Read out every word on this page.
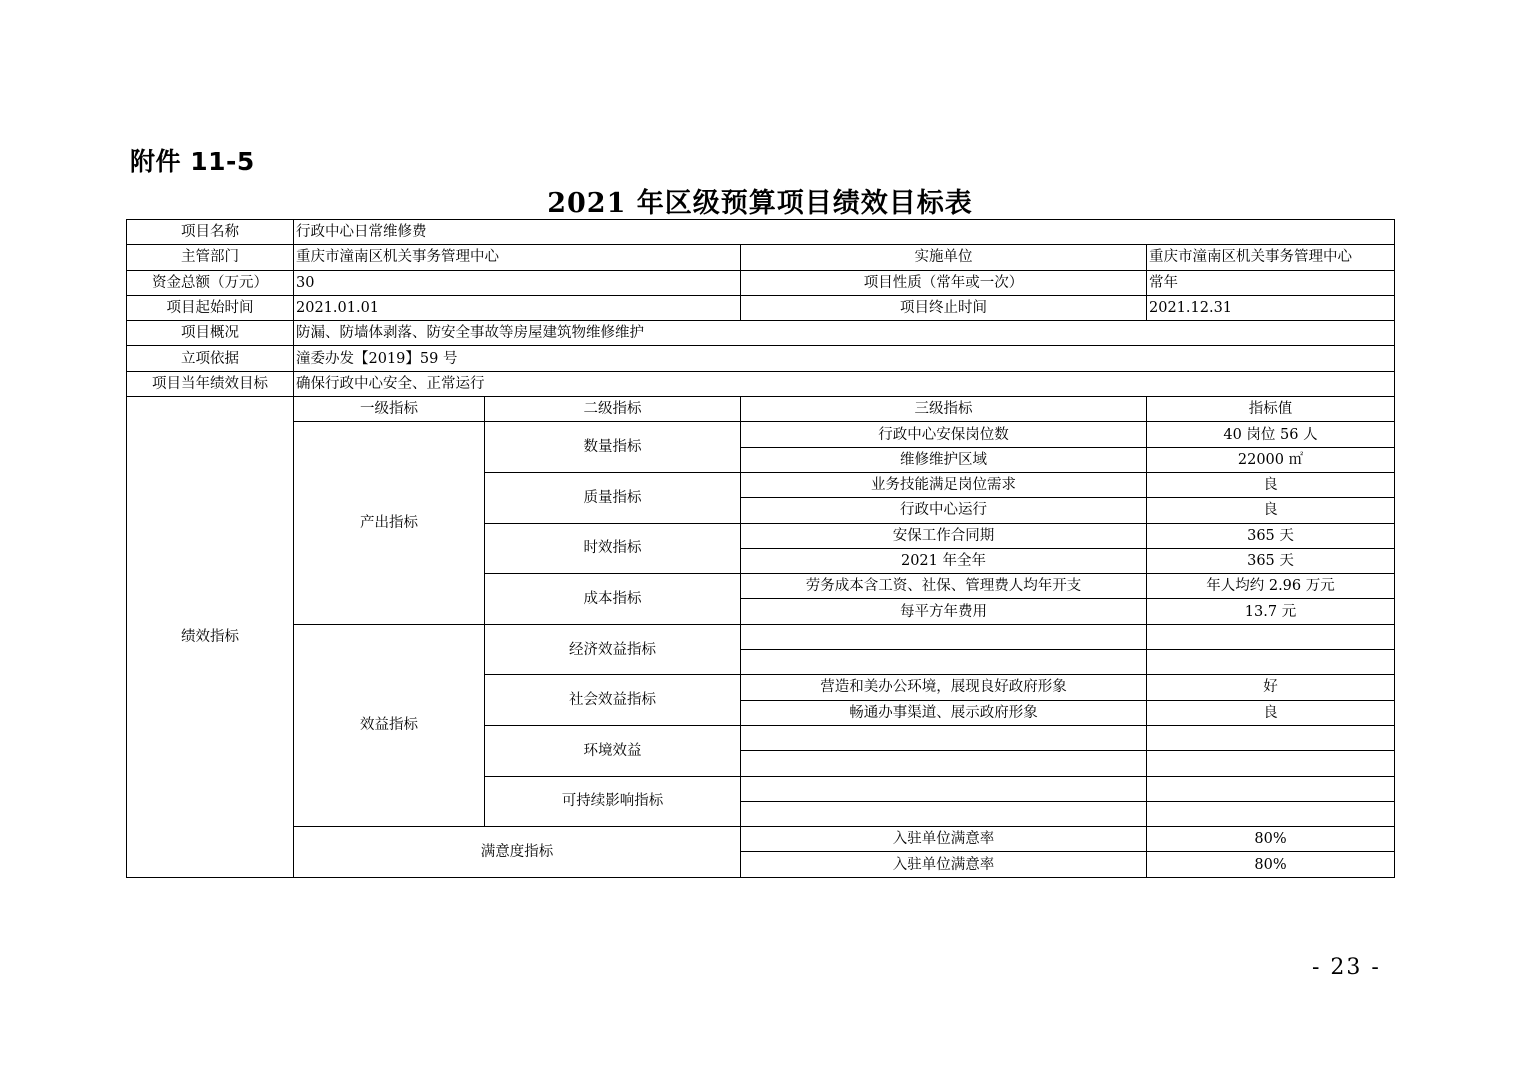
附件 11-5
2021 年区级预算项目绩效目标表
项目名称	行政中心日常维修费			
主管部门	重庆市潼南区机关事务管理中心		实施单位	重庆市潼南区机关事务管理中心
资金总额（万元）	30		项目性质（常年或一次）	常年
项目起始时间	2021.01.01		项目终止时间	2021.12.31
项目概况	防漏、防墙体剥落、防安全事故等房屋建筑物维修维护			
立项依据	潼委办发【2019】59 号			
项目当年绩效目标	确保行政中心安全、正常运行			
绩效指标	一级指标	二级指标	三级指标	指标值
	产出指标	数量指标	行政中心安保岗位数	40 岗位 56 人
			维修维护区域	22000 ㎡
		质量指标	业务技能满足岗位需求	良
			行政中心运行	良
		时效指标	安保工作合同期	365 天
			2021 年全年	365 天
		成本指标	劳务成本含工资、社保、管理费人均年开支	年人均约 2.96 万元
			每平方年费用	13.7 元
	效益指标	经济效益指标		

		社会效益指标	营造和美办公环境，展现良好政府形象	好
			畅通办事渠道、展示政府形象	良
		环境效益		

		可持续影响指标		

	满意度指标		入驻单位满意率	80%
			入驻单位满意率	80%
- 23 -
